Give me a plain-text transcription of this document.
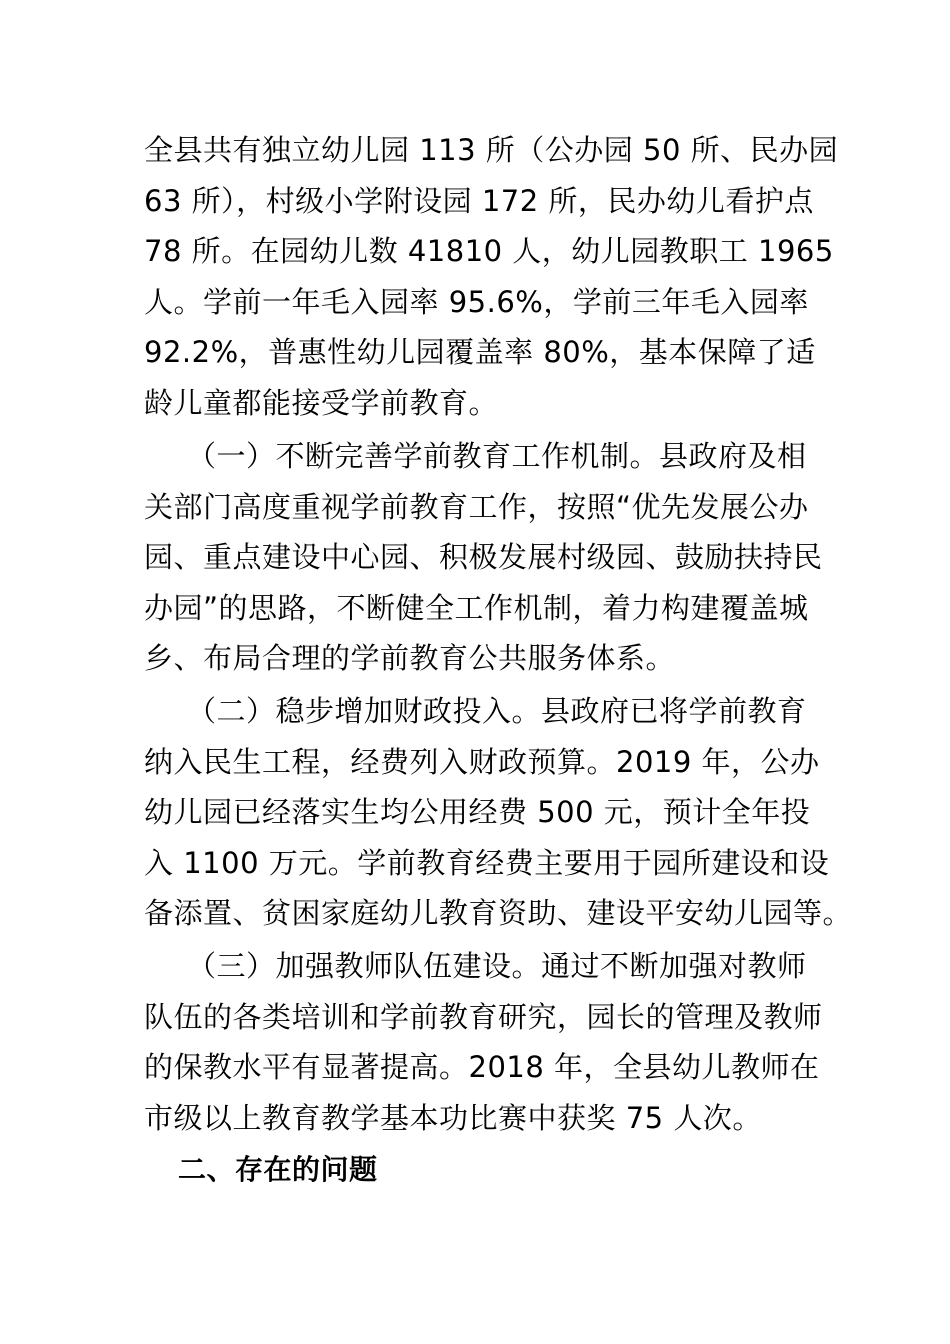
全县共有独立幼儿园 113 所（公办园 50 所、民办园
63 所），村级小学附设园 172 所，民办幼儿看护点
78 所。在园幼儿数 41810 人，幼儿园教职工 1965
人。学前一年毛入园率 95.6%，学前三年毛入园率
92.2%，普惠性幼儿园覆盖率 80%，基本保障了适
龄儿童都能接受学前教育。
（一）不断完善学前教育工作机制。县政府及相
关部门高度重视学前教育工作，按照“优先发展公办
园、重点建设中心园、积极发展村级园、鼓励扶持民
办园”的思路，不断健全工作机制，着力构建覆盖城
乡、布局合理的学前教育公共服务体系。
（二）稳步增加财政投入。县政府已将学前教育
纳入民生工程，经费列入财政预算。2019 年，公办
幼儿园已经落实生均公用经费 500 元，预计全年投
入 1100 万元。学前教育经费主要用于园所建设和设
备添置、贫困家庭幼儿教育资助、建设平安幼儿园等。
（三）加强教师队伍建设。通过不断加强对教师
队伍的各类培训和学前教育研究，园长的管理及教师
的保教水平有显著提高。2018 年，全县幼儿教师在
市级以上教育教学基本功比赛中获奖 75 人次。
二、存在的问题
